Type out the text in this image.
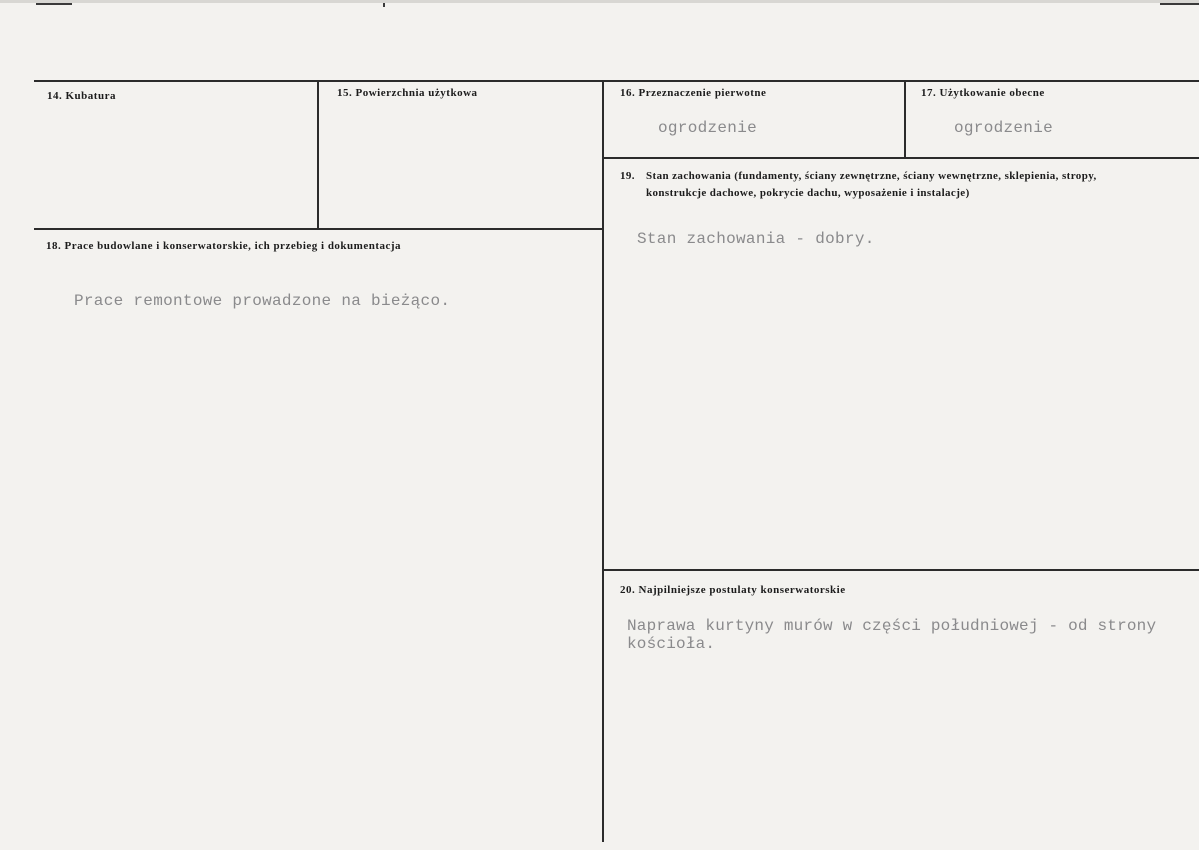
14. Kubatura	15. Powierzchnia użytkowa	16. Przeznaczenie pierwotne
ogrodzenie
17. Użytkowanie obecne
ogrodzenie
19. Stan zachowania (fundamenty, ściany zewnętrzne, ściany wewnętrzne, sklepienia, stropy,
konstrukcje dachowe, pokrycie dachu, wyposażenie i instalacje)
Stan zachowania - dobry.
18. Prace budowlane i konserwatorskie, ich przebieg i dokumentacja
Prace remontowe prowadzone na bieżąco.
20. Najpilniejsze postulaty konserwatorskie
Naprawa kurtyny murów w części południowej - od strony
kościoła.
